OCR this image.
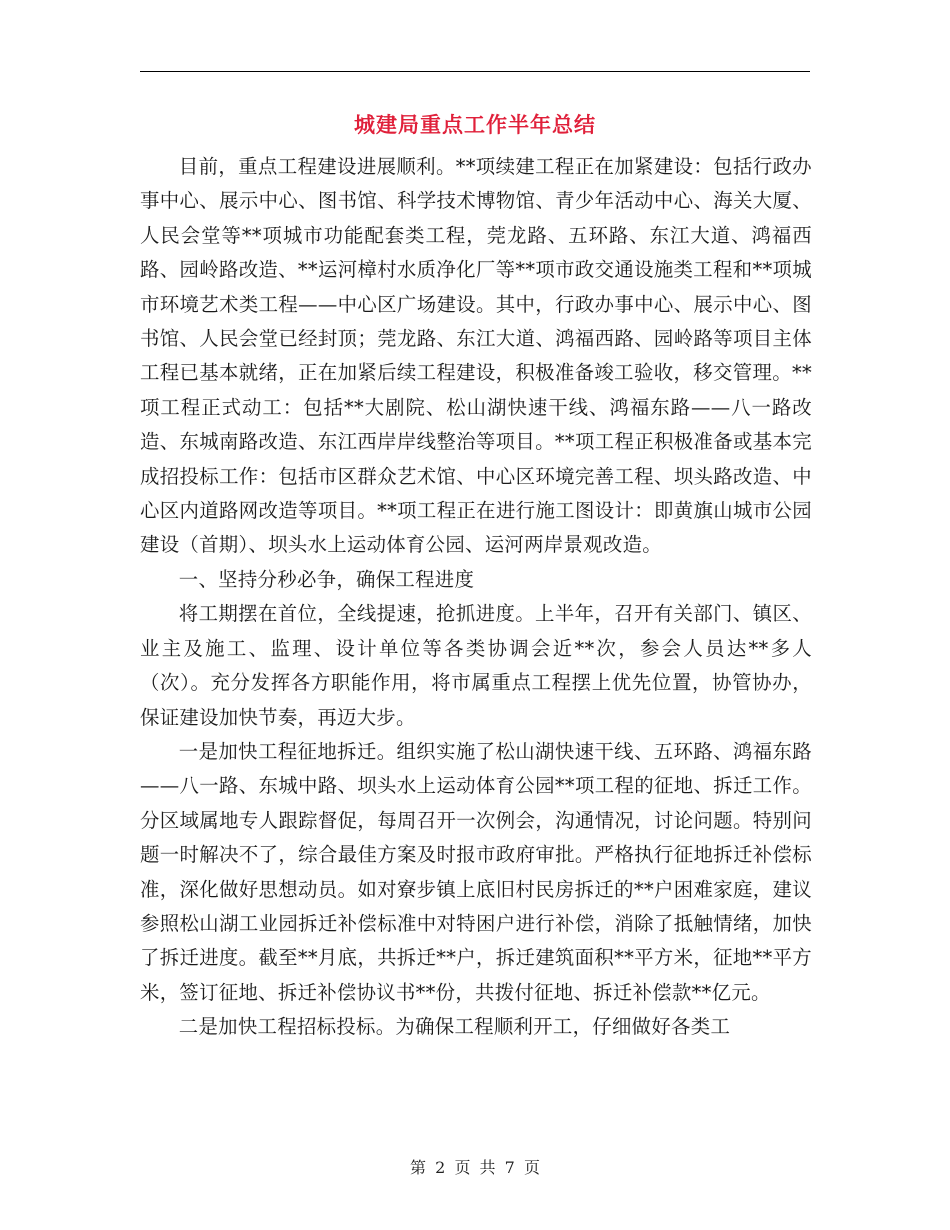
城建局重点工作半年总结

目前，重点工程建设进展顺利。**项续建工程正在加紧建设：包括行政办事中心、展示中心、图书馆、科学技术博物馆、青少年活动中心、海关大厦、人民会堂等**项城市功能配套类工程，莞龙路、五环路、东江大道、鸿福西路、园岭路改造、**运河樟村水质净化厂等**项市政交通设施类工程和**项城市环境艺术类工程——中心区广场建设。其中，行政办事中心、展示中心、图书馆、人民会堂已经封顶；莞龙路、东江大道、鸿福西路、园岭路等项目主体工程已基本就绪，正在加紧后续工程建设，积极准备竣工验收，移交管理。**项工程正式动工：包括**大剧院、松山湖快速干线、鸿福东路——八一路改造、东城南路改造、东江西岸岸线整治等项目。**项工程正积极准备或基本完成招投标工作：包括市区群众艺术馆、中心区环境完善工程、坝头路改造、中心区内道路网改造等项目。**项工程正在进行施工图设计：即黄旗山城市公园建设（首期）、坝头水上运动体育公园、运河两岸景观改造。

一、坚持分秒必争，确保工程进度

将工期摆在首位，全线提速，抢抓进度。上半年，召开有关部门、镇区、业主及施工、监理、设计单位等各类协调会近**次，参会人员达**多人（次）。充分发挥各方职能作用，将市属重点工程摆上优先位置，协管协办，保证建设加快节奏，再迈大步。

一是加快工程征地拆迁。组织实施了松山湖快速干线、五环路、鸿福东路——八一路、东城中路、坝头水上运动体育公园**项工程的征地、拆迁工作。分区域属地专人跟踪督促，每周召开一次例会，沟通情况，讨论问题。特别问题一时解决不了，综合最佳方案及时报市政府审批。严格执行征地拆迁补偿标准，深化做好思想动员。如对寮步镇上底旧村民房拆迁的**户困难家庭，建议参照松山湖工业园拆迁补偿标准中对特困户进行补偿，消除了抵触情绪，加快了拆迁进度。截至**月底，共拆迁**户，拆迁建筑面积**平方米，征地**平方米，签订征地、拆迁补偿协议书**份，共拨付征地、拆迁补偿款**亿元。

二是加快工程招标投标。为确保工程顺利开工，仔细做好各类工

第 2 页 共 7 页
